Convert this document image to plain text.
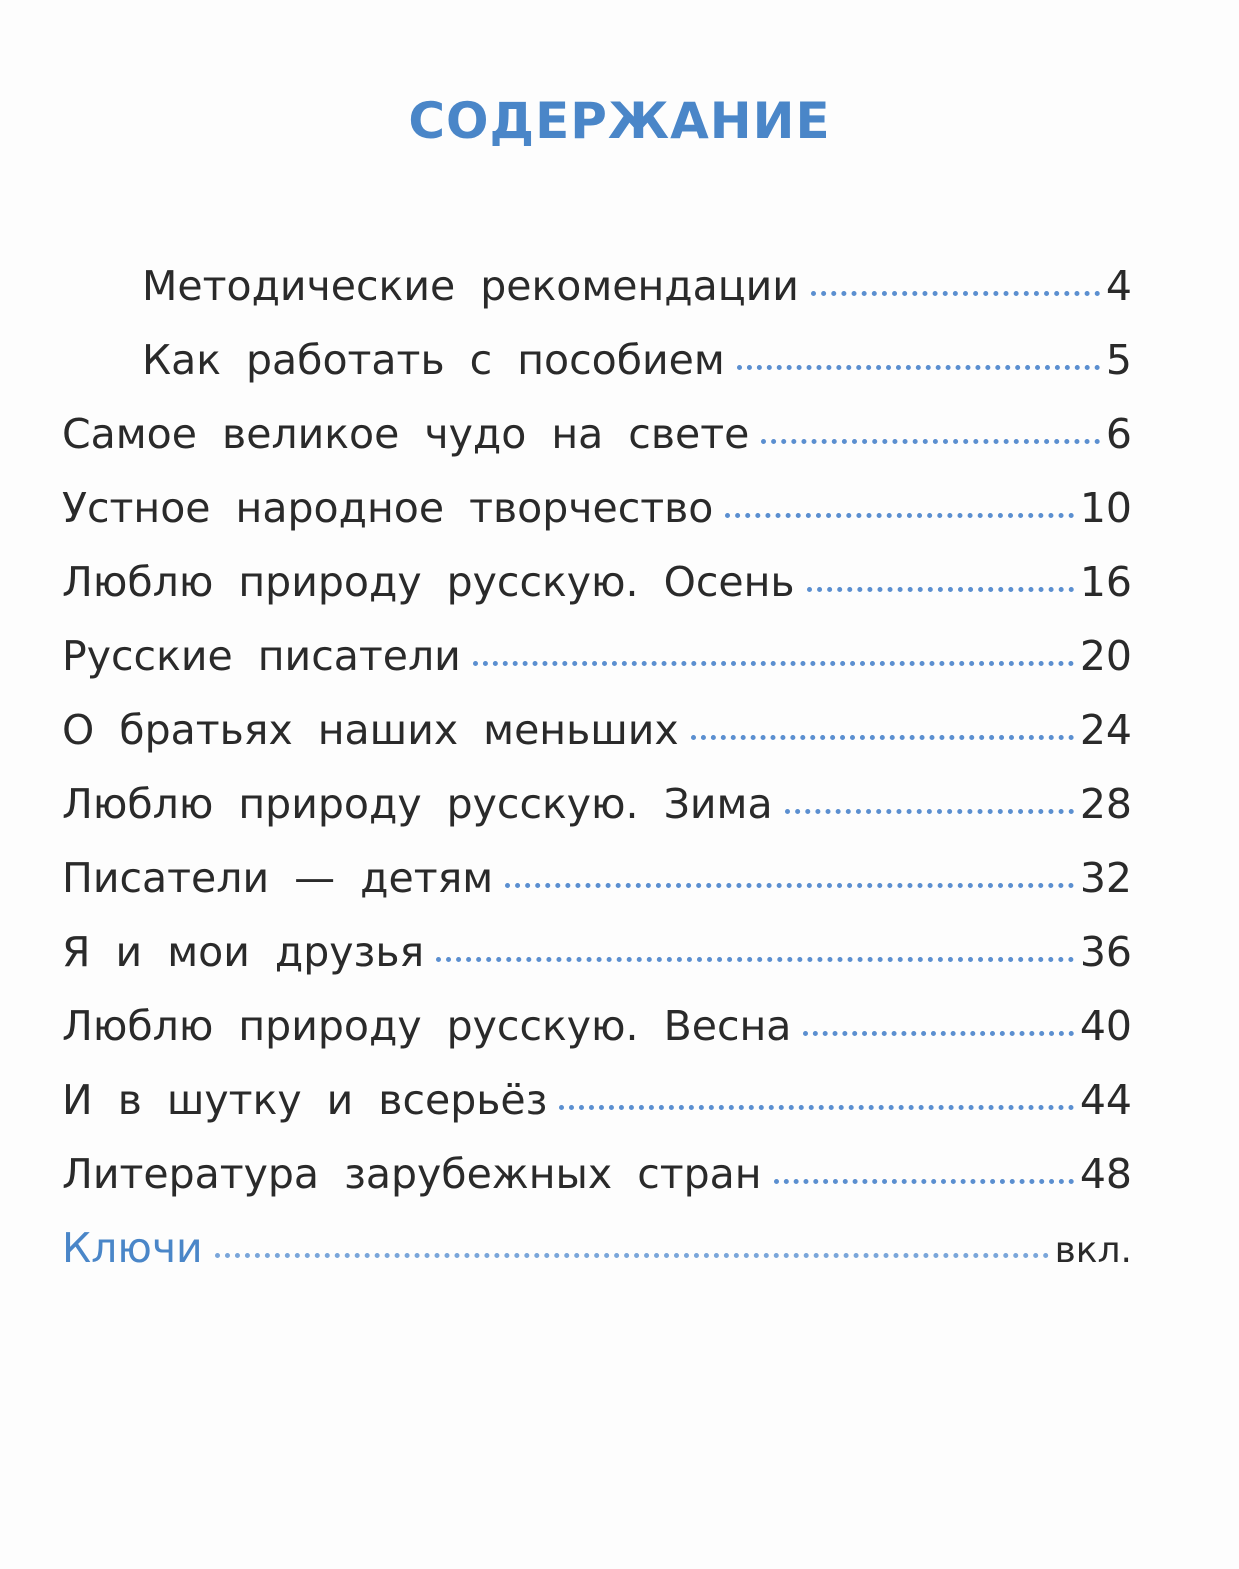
СОДЕРЖАНИЕ
Методические рекомендации	4
Как работать с пособием	5
Самое великое чудо на свете	6
Устное народное творчество	10
Люблю природу русскую. Осень	16
Русские писатели	20
О братьях наших меньших	24
Люблю природу русскую. Зима	28
Писатели — детям	32
Я и мои друзья	36
Люблю природу русскую. Весна	40
И в шутку и всерьёз	44
Литература зарубежных стран	48
Ключи	вкл.
